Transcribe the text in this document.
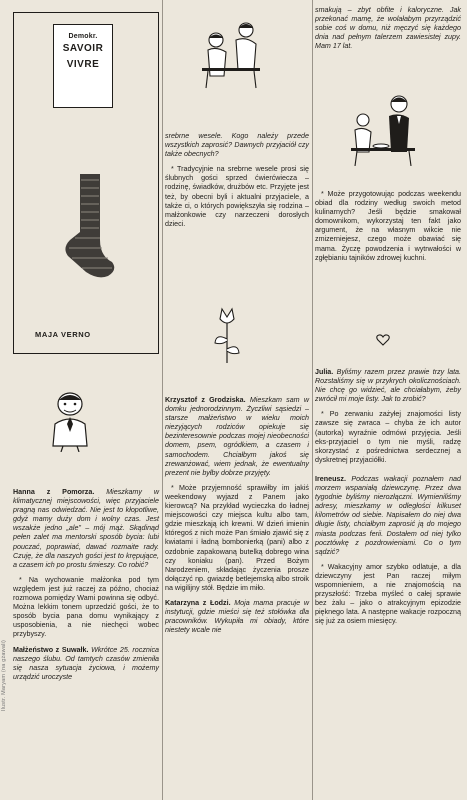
Ilustr. Maryam (na gżawali)
Demokr.
SAVOIR
VIVRE
MAJA VERNO

Hanna z Pomorza. Mieszkamy w klimatycznej miejscowości, więc przyjaciele pragną nas odwiedzać. Nie jest to kłopotliwe, gdyż mamy duży dom i wolny czas. Jest wszakże jedno „ale” – mój mąż. Skądinąd pełen zalet ma mentorski sposób bycia: lubi pouczać, poprawiać, dawać rozmaite rady. Czuję, że dla naszych gości jest to krępujące, a czasem ich po prostu śmieszy. Co robić?

* Na wychowanie małżonka pod tym względem jest już raczej za późno, chociaż rozmowa pomiędzy Wami powinna się odbyć. Można lekkim tonem uprzedzić gości, że to sposób bycia pana domu wynikający z usposobienia, a nie niechęci wobec przybyszy.

Małżeństwo z Suwałk. Wkrótce 25. rocznica naszego ślubu. Od tamtych czasów zmieniła się nasza sytuacja życiowa, i możemy urządzić uroczyste

srebrne wesele. Kogo należy przede wszystkich zaprosić? Dawnych przyjaciół czy także obecnych?

* Tradycyjnie na srebrne wesele prosi się ślubnych gości sprzed ćwierćwiecza – rodzinę, świadków, drużbów etc. Przyjęte jest też, by obecni byli i aktualni przyjaciele, a także ci, o których powiększyła się rodzina – małżonkowie czy narzeczeni dorosłych dzieci.

Krzysztof z Grodziska. Mieszkam sam w domku jednorodzinnym. Życzliwi sąsiedzi – starsze małżeństwo w wieku moich niezyjących rodziców opiekuje się bezinteresownie podczas mojej nieobecności domem, psem, ogródkiem, a czasem i samochodem. Chciałbym jakoś się zrewanżować, wiem jednak, że ewentualny prezent nie byłby dobrze przyjęty.

* Może przyjemność sprawiłby im jakiś weekendowy wyjazd z Panem jako kierowcą? Na przykład wycieczka do ładnej miejscowości czy miejsca kultu albo tam, gdzie mieszkają ich krewni. W dzień imienin któregoś z nich może Pan śmiało zjawić się z kwiatami i ładną bombonierką (pani) albo z ozdobnie zapakowaną butelką dobrego wina czy koniaku (pan). Przed Bożym Narodzeniem, składając życzenia prosze dołączyć np. gwiazdę betlejemską albo stroik na wigilijny stół. Będzie im miło.

Katarzyna z Łodzi. Moja mama pracuje w instytucji, gdzie mieści się też stołówka dla pracowników. Wykupiła mi obiady, które niestety wcale nie

smakują – zbyt obfite i kaloryczne. Jak przekonać mamę, że wolałabym przyrządzić sobie coś w domu, niż męczyć się każdego dnia nad pełnym talerzem zawiesistej zupy. Mam 17 lat.

* Może przygotowując podczas weekendu obiad dla rodziny według swoich metod kulinarnych? Jeśli będzie smakował domownikom, wykorzystaj ten fakt jako argument, że na własnym wikcie nie zmizerniejesz, czego może obawiać się mama. Życzę powodzenia i wytrwałości w zgłębianiu tajników zdrowej kuchni.

Julia. Byliśmy razem przez prawie trzy lata. Rozstaliśmy się w przykrych okolicznościach. Nie chcę go widzieć, ale chciałabym, żeby zwrócił mi moje listy. Jak to zrobić?

* Po zerwaniu zażyłej znajomości listy zawsze się zwraca – chyba że ich autor (autorka) wyraźnie odmówi przyjęcia. Jeśli eks-przyjaciel o tym nie myśli, radzę skorzystać z pośrednictwa serdecznej a dyskretnej przyjaciółki.

Ireneusz. Podczas wakacji poznałem nad morzem wspaniałą dziewczynę. Przez dwa tygodnie byliśmy nierozłączni. Wymieniliśmy adresy, mieszkamy w odległości kilkuset kilometrów od siebie. Napisałem do niej dwa długie listy, chciałbym zaprosić ją do mojego miasta podczas ferii. Dostałem od niej tylko pocztówkę z pozdrowieniami. Co o tym sądzić?

* Wakacyjny amor szybko odlatuje, a dla dziewczyny jest Pan raczej miłym wspomnieniem, a nie znajomością na przyszłość: Trzeba myśleć o całej sprawie bez żalu – jako o atrakcyjnym epizodzie pięknego lata. A następne wakacje rozpoczną się już za osiem miesięcy.
